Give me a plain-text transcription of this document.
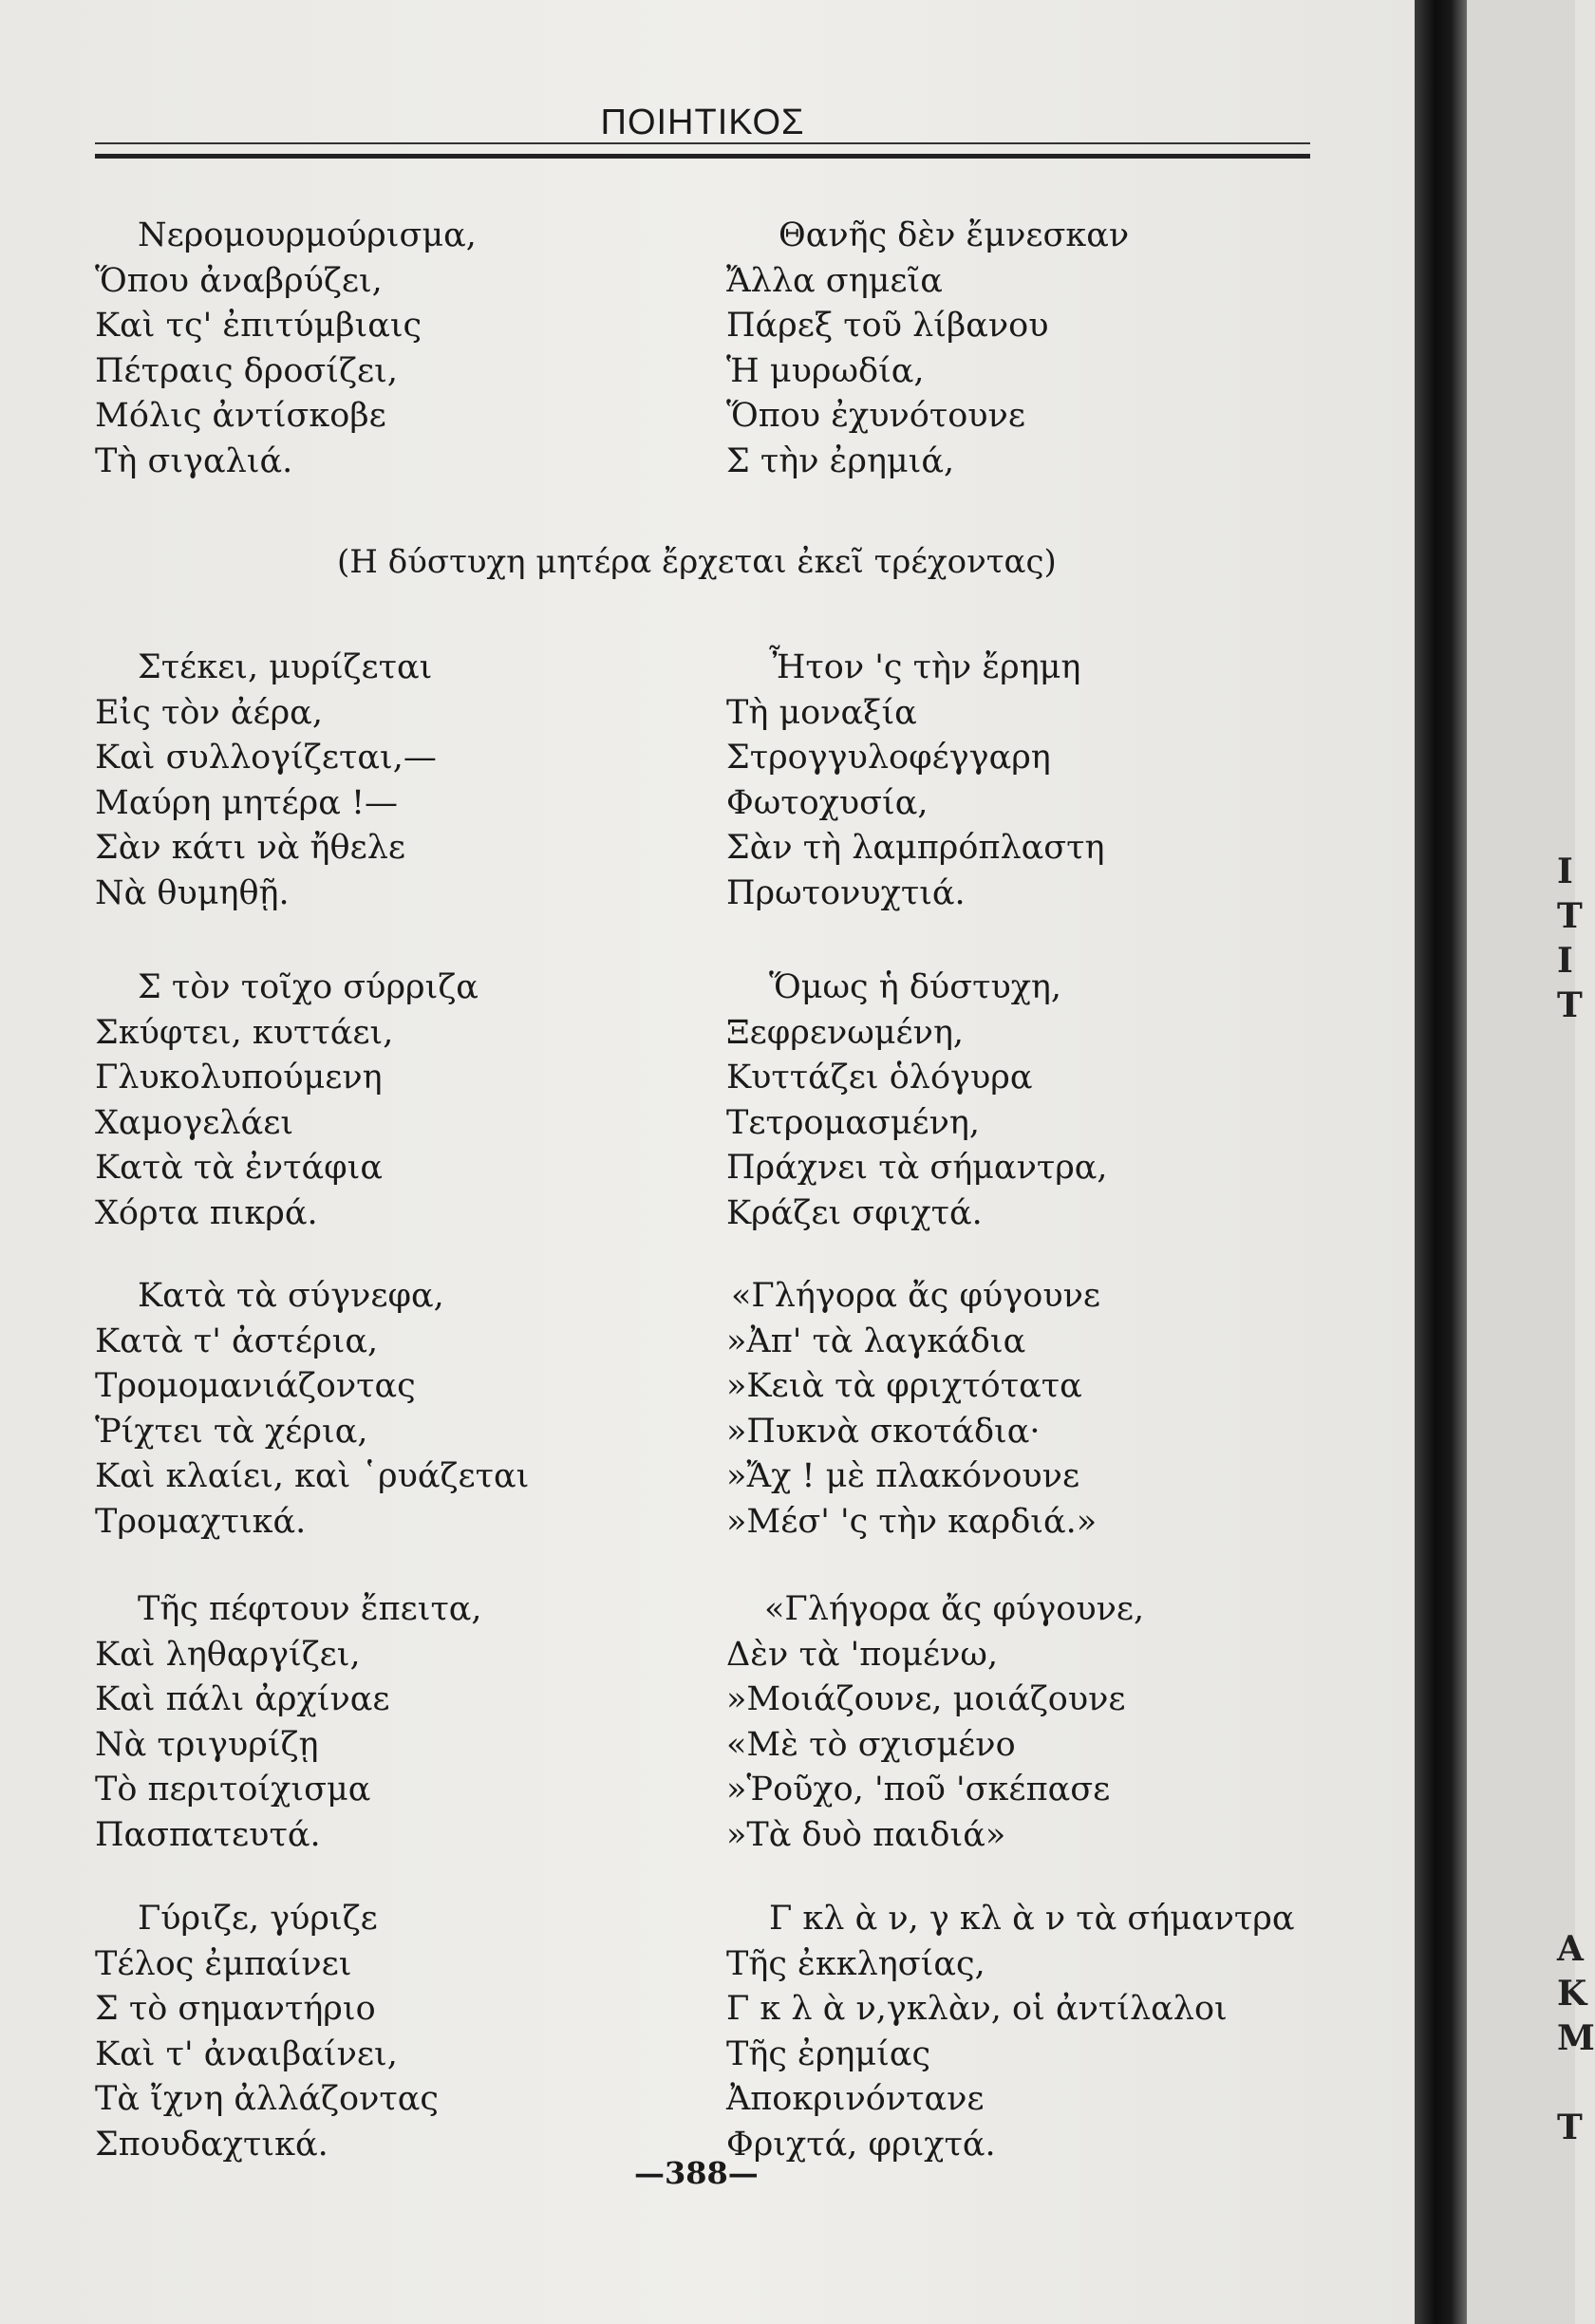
ΠΟΙΗΤΙΚΟΣ
Νερομουρμούρισμα,
Ὅπου ἀναβρύζει,
Καὶ τς' ἐπιτύμβιαις
Πέτραις δροσίζει,
Μόλις ἀντίσκοβε
Τὴ σιγαλιά.
(Η δύστυχη μητέρα ἔρχεται ἐκεῖ τρέχοντας)
Στέκει, μυρίζεται
Εἰς τὸν ἀέρα,
Καὶ συλλογίζεται,—
Μαύρη μητέρα !—
Σὰν κάτι νὰ ἤθελε
Νὰ θυμηθῇ.
Σ τὸν τοῖχο σύρριζα
Σκύφτει, κυττάει,
Γλυκολυπούμενη
Χαμογελάει
Κατὰ τὰ ἐντάφια
Χόρτα πικρά.
Κατὰ τὰ σύγνεφα,
Κατὰ τ' ἀστέρια,
Τρομομανιάζοντας
Ῥίχτει τὰ χέρια,
Καὶ κλαίει, καὶ ῾ρυάζεται
Τρομαχτικά.
Τῆς πέφτουν ἔπειτα,
Καὶ ληθαργίζει,
Καὶ πάλι ἀρχίναε
Νὰ τριγυρίζῃ
Τὸ περιτοίχισμα
Πασπατευτά.
Γύριζε, γύριζε
Τέλος ἐμπαίνει
Σ τὸ σημαντήριο
Καὶ τ' ἀναιβαίνει,
Τὰ ἴχνη ἀλλάζοντας
Σπουδαχτικά.
Θανῆς δὲν ἔμνεσκαν
Ἄλλα σημεῖα
Πάρεξ τοῦ λίβανου
Ἡ μυρωδία,
Ὅπου ἐχυνότουνε
Σ τὴν ἐρημιά,
Ἦτον 'ς τὴν ἔρημη
Τὴ μοναξία
Στρογγυλοφέγγαρη
Φωτοχυσία,
Σὰν τὴ λαμπρόπλαστη
Πρωτονυχτιά.
Ὅμως ἡ δύστυχη,
Ξεφρενωμένη,
Κυττάζει ὁλόγυρα
Τετρομασμένη,
Πράχνει τὰ σήμαντρα,
Κράζει σφιχτά.
«Γλήγορα ἄς φύγουνε
»Ἀπ' τὰ λαγκάδια
»Κειὰ τὰ φριχτότατα
»Πυκνὰ σκοτάδια·
»Ἄχ ! μὲ πλακόνουνε
»Μέσ' 'ς τὴν καρδιά.»
«Γλήγορα ἄς φύγουνε,
Δὲν τὰ 'πομένω,
»Μοιάζουνε, μοιάζουνε
«Μὲ τὸ σχισμένο
»Ῥοῦχο, 'ποῦ 'σκέπασε
»Τὰ δυὸ παιδιά»
Γ κλ ὰ ν, γ κλ ὰ ν τὰ σήμαντρα
Τῆς ἐκκλησίας,
Γ κ λ ὰ ν,γκλὰν, οἱ ἀντίλαλοι
Τῆς ἐρημίας
Ἀποκρινόντανε
Φριχτά, φριχτά.
—388—
Ι
Τ
Ι
Τ
Α
Κ
Μ
Τ
